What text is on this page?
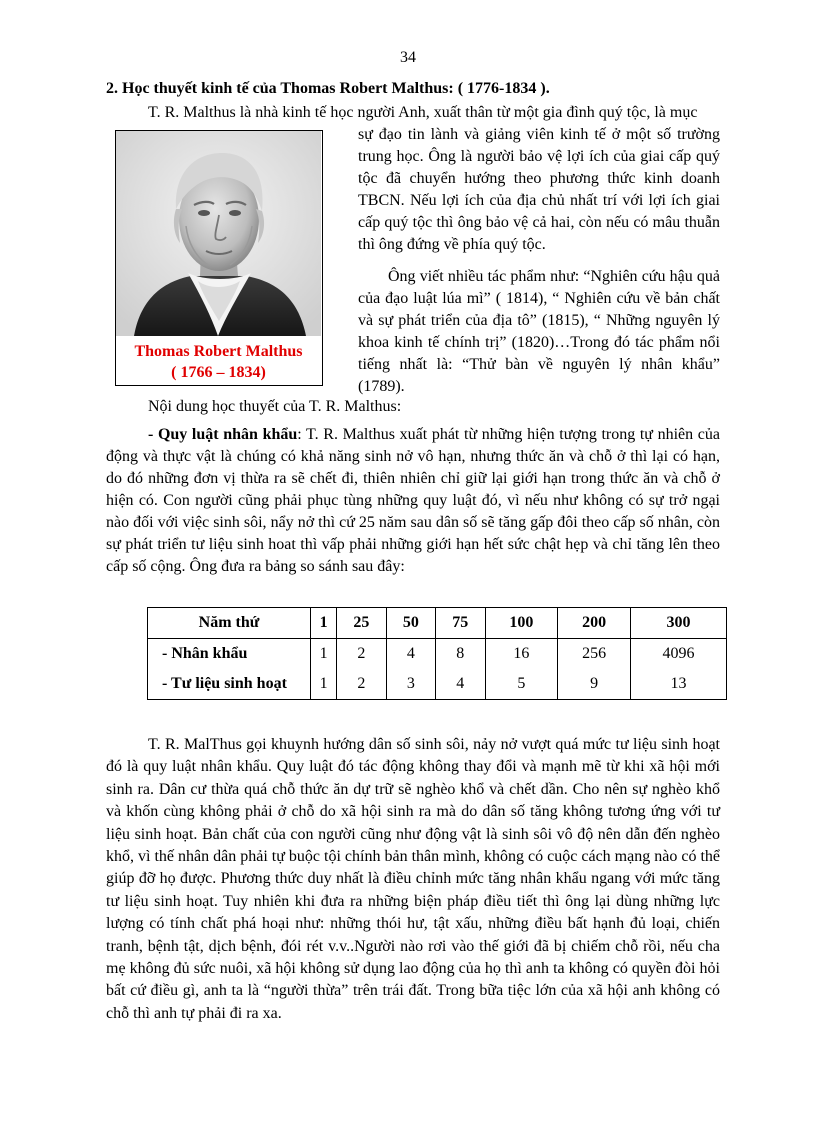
34
2. Học thuyết kinh tế của Thomas Robert Malthus: ( 1776-1834 ).
T. R. Malthus là nhà kinh tế học người Anh, xuất thân từ một gia đình quý tộc, là mục
Thomas Robert Malthus
( 1766 – 1834)

sự đạo tin lành và giảng viên kinh tế ở một số trường trung học. Ông là người bảo vệ lợi ích của giai cấp quý tộc đã chuyển hướng theo phương thức kinh doanh TBCN. Nếu lợi ích của địa chủ nhất trí với lợi ích giai cấp quý tộc thì ông bảo vệ cả hai, còn nếu có mâu thuẫn thì ông đứng về phía quý tộc.

Ông viết nhiều tác phẩm như: “Nghiên cứu hậu quả của đạo luật lúa mì” ( 1814), “ Nghiên cứu về bản chất và sự phát triển của địa tô” (1815), “ Những nguyên lý khoa kinh tế chính trị” (1820)…Trong đó tác phẩm nổi tiếng nhất là: “Thử bàn về nguyên lý nhân khẩu” (1789).

Nội dung học thuyết của T. R. Malthus:

- Quy luật nhân khẩu: T. R. Malthus xuất phát từ những hiện tượng trong tự nhiên của động và thực vật là chúng có khả năng sinh nở vô hạn, nhưng thức ăn và chỗ ở thì lại có hạn, do đó những đơn vị thừa ra sẽ chết đi, thiên nhiên chỉ giữ lại giới hạn trong thức ăn và chỗ ở hiện có. Con người cũng phải phục tùng những quy luật đó, vì nếu như không có sự trở ngại nào đối với việc sinh sôi, nẩy nở thì cứ 25 năm sau dân số sẽ tăng gấp đôi theo cấp số nhân, còn sự phát triển tư liệu sinh hoat thì vấp phải những giới hạn hết sức chật hẹp và chỉ tăng lên theo cấp số cộng. Ông đưa ra bảng so sánh sau đây:

Năm thứ	1	25	50	75	100	200	300
- Nhân khẩu	1	2	4	8	16	256	4096
- Tư liệu sinh hoạt	1	2	3	4	5	9	13

T. R. MalThus gọi khuynh hướng dân số sinh sôi, nảy nở vượt quá mức tư liệu sinh hoạt đó là quy luật nhân khẩu. Quy luật đó tác động không thay đổi và mạnh mẽ từ khi xã hội mới sinh ra. Dân cư thừa quá chỗ thức ăn dự trữ sẽ nghèo khổ và chết dần. Cho nên sự nghèo khổ và khốn cùng không phải ở chỗ do xã hội sinh ra mà do dân số tăng không tương ứng với tư liệu sinh hoạt. Bản chất của con người cũng như động vật là sinh sôi vô độ nên dẫn đến nghèo khổ, vì thế nhân dân phải tự buộc tội chính bản thân mình, không có cuộc cách mạng nào có thể giúp đỡ họ được. Phương thức duy nhất là điều chỉnh mức tăng nhân khẩu ngang với mức tăng tư liệu sinh hoạt. Tuy nhiên khi đưa ra những biện pháp điều tiết thì ông lại dùng những lực lượng có tính chất phá hoại như: những thói hư, tật xấu, những điều bất hạnh đủ loại, chiến tranh, bệnh tật, dịch bệnh, đói rét v.v..Người nào rơi vào thế giới đã bị chiếm chỗ rồi, nếu cha mẹ không đủ sức nuôi, xã hội không sử dụng lao động của họ thì anh ta không có quyền đòi hỏi bất cứ điều gì, anh ta là “người thừa” trên trái đất. Trong bữa tiệc lớn của xã hội anh không có chỗ thì anh tự phải đi ra xa.
